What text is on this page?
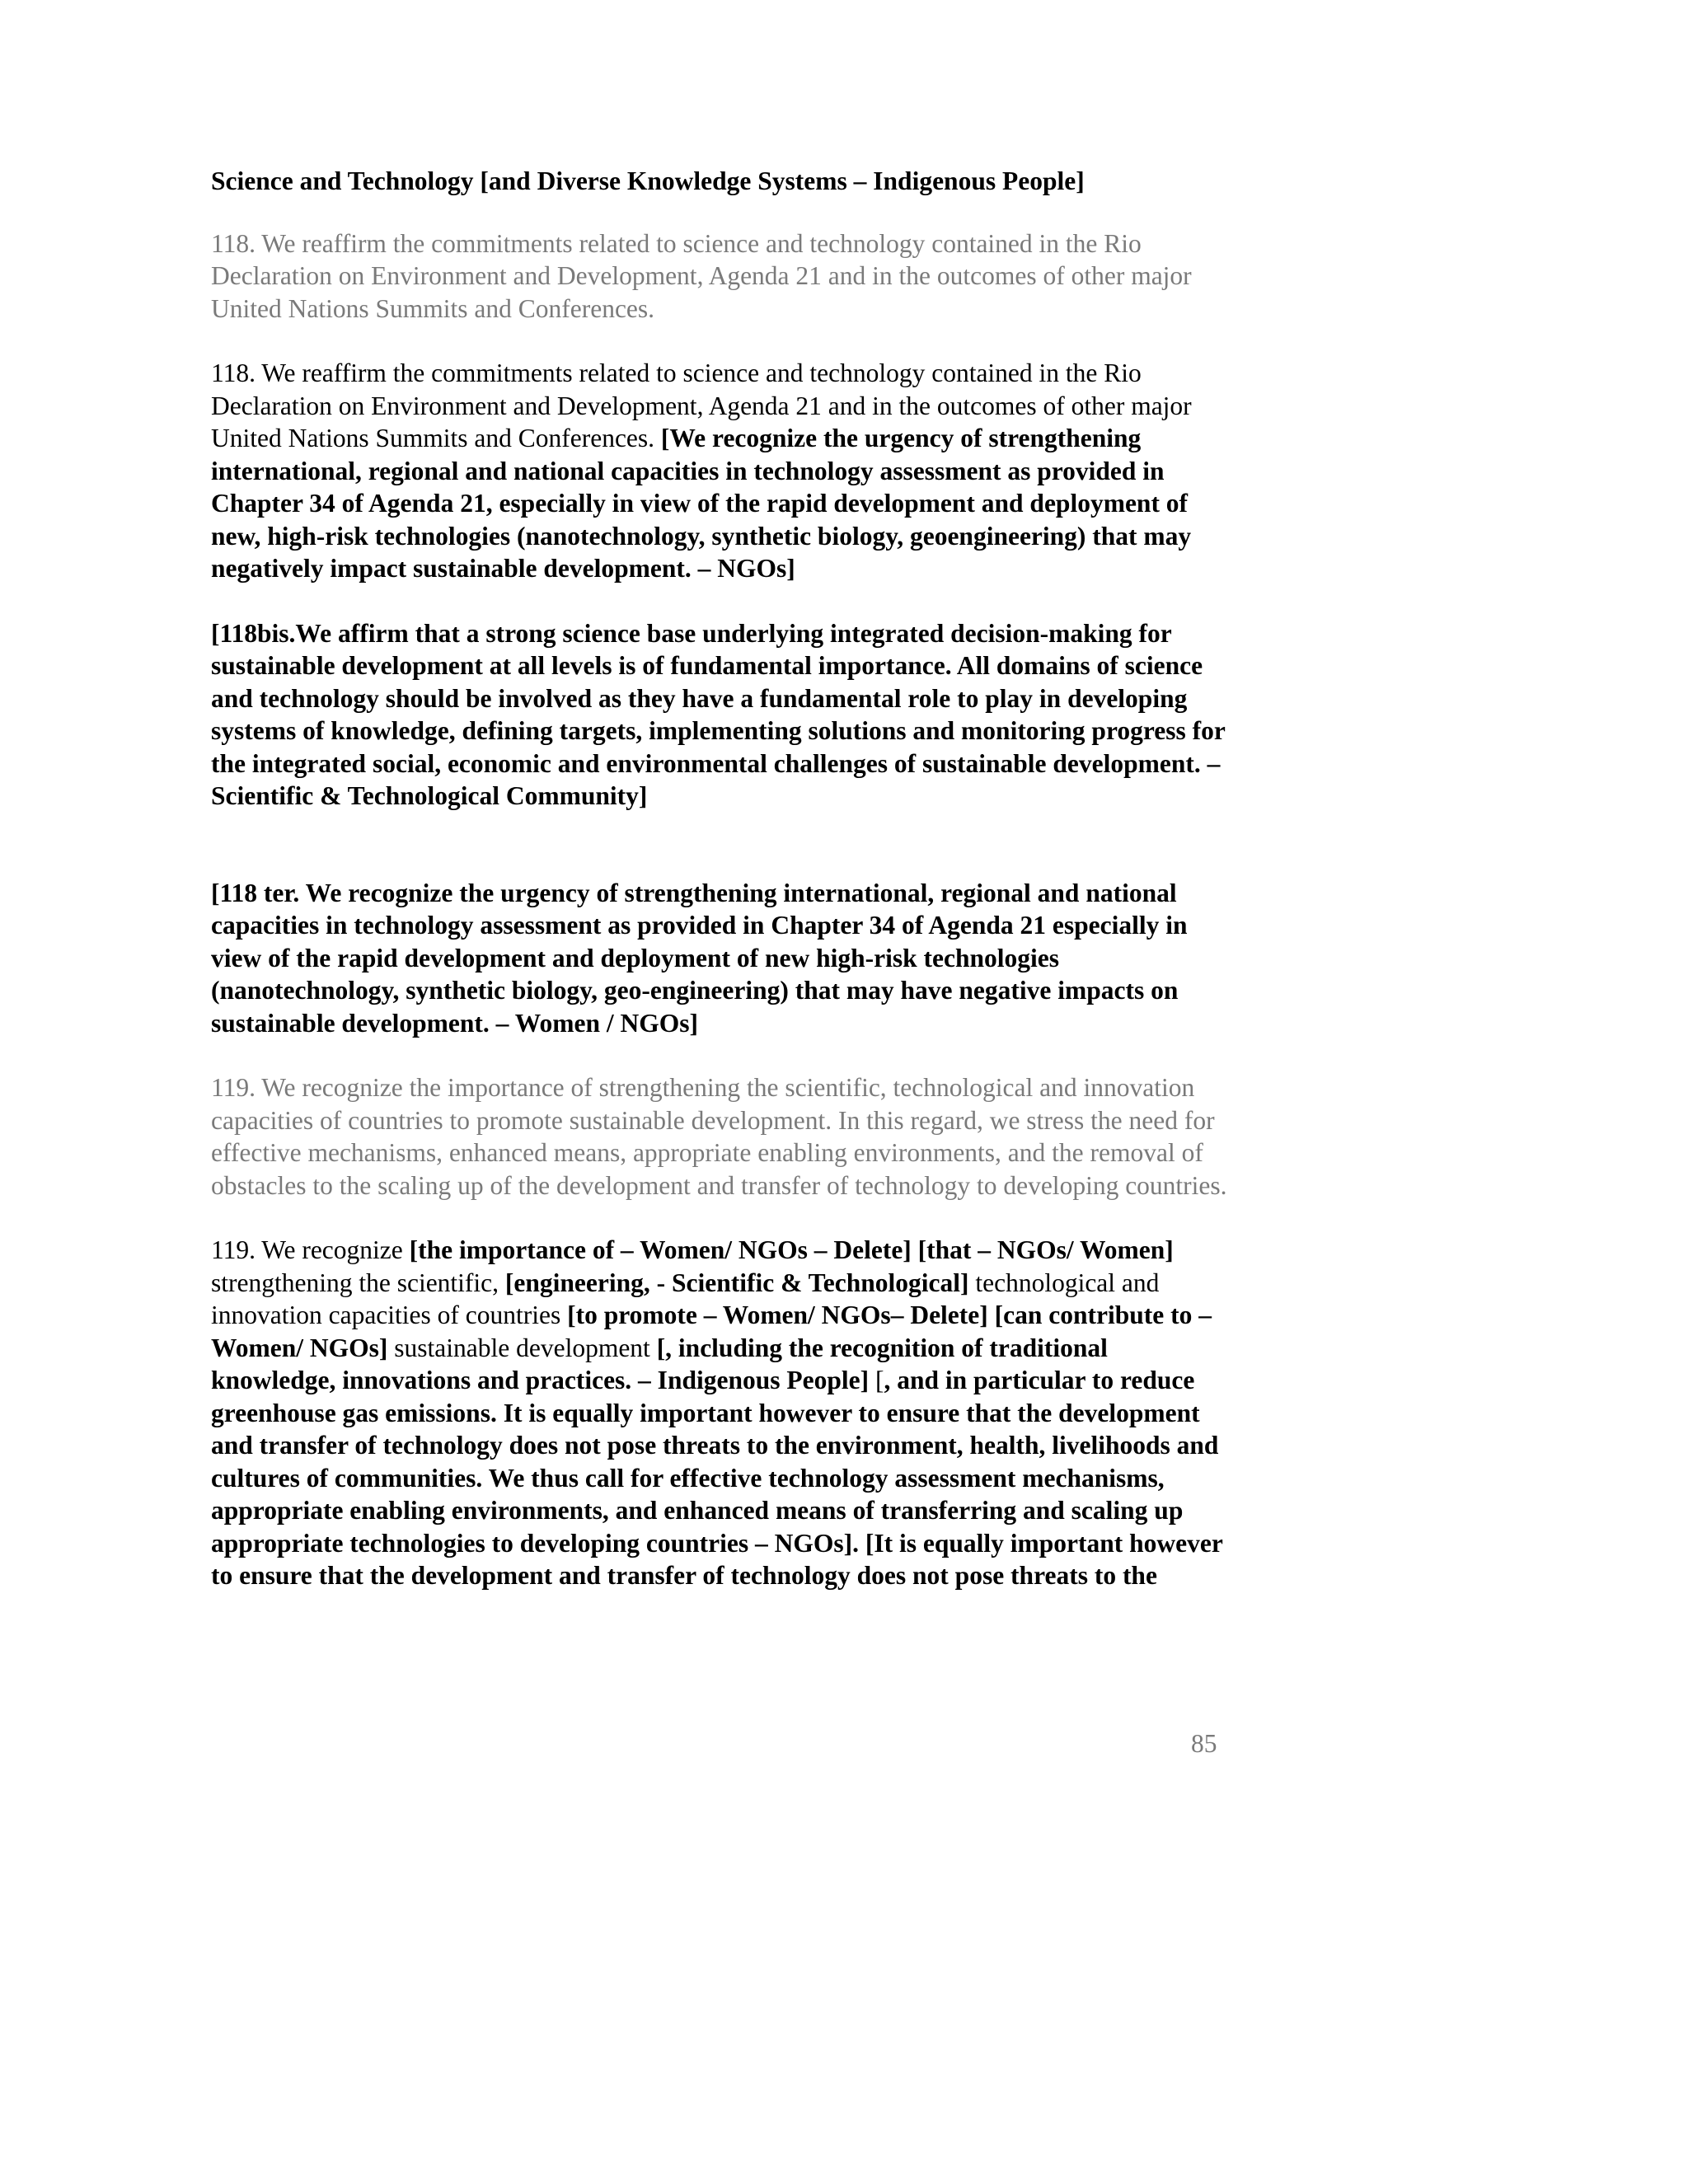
Science and Technology [and Diverse Knowledge Systems – Indigenous People]

118. We reaffirm the commitments related to science and technology contained in the Rio Declaration on Environment and Development, Agenda 21 and in the outcomes of other major United Nations Summits and Conferences.

118. We reaffirm the commitments related to science and technology contained in the Rio Declaration on Environment and Development, Agenda 21 and in the outcomes of other major United Nations Summits and Conferences. [We recognize the urgency of strengthening international, regional and national capacities in technology assessment as provided in Chapter 34 of Agenda 21, especially in view of the rapid development and deployment of new, high-risk technologies (nanotechnology, synthetic biology, geoengineering) that may negatively impact sustainable development. – NGOs]

[118bis.We affirm that a strong science base underlying integrated decision-making for sustainable development at all levels is of fundamental importance. All domains of science and technology should be involved as they have a fundamental role to play in developing systems of knowledge, defining targets, implementing solutions and monitoring progress for the integrated social, economic and environmental challenges of sustainable development. – Scientific & Technological Community]

[118 ter. We recognize the urgency of strengthening international, regional and national capacities in technology assessment as provided in Chapter 34 of Agenda 21 especially in view of the rapid development and deployment of new high-risk technologies (nanotechnology, synthetic biology, geo-engineering) that may have negative impacts on sustainable development. – Women / NGOs]

119. We recognize the importance of strengthening the scientific, technological and innovation capacities of countries to promote sustainable development. In this regard, we stress the need for effective mechanisms, enhanced means, appropriate enabling environments, and the removal of obstacles to the scaling up of the development and transfer of technology to developing countries.

119. We recognize [the importance of – Women/ NGOs – Delete] [that – NGOs/ Women] strengthening the scientific, [engineering, - Scientific & Technological] technological and innovation capacities of countries [to promote – Women/ NGOs– Delete] [can contribute to – Women/ NGOs] sustainable development [, including the recognition of traditional knowledge, innovations and practices. – Indigenous People] [, and in particular to reduce greenhouse gas emissions. It is equally important however to ensure that the development and transfer of technology does not pose threats to the environment, health, livelihoods and cultures of communities. We thus call for effective technology assessment mechanisms, appropriate enabling environments, and enhanced means of transferring and scaling up appropriate technologies to developing countries – NGOs]. [It is equally important however to ensure that the development and transfer of technology does not pose threats to the

85
